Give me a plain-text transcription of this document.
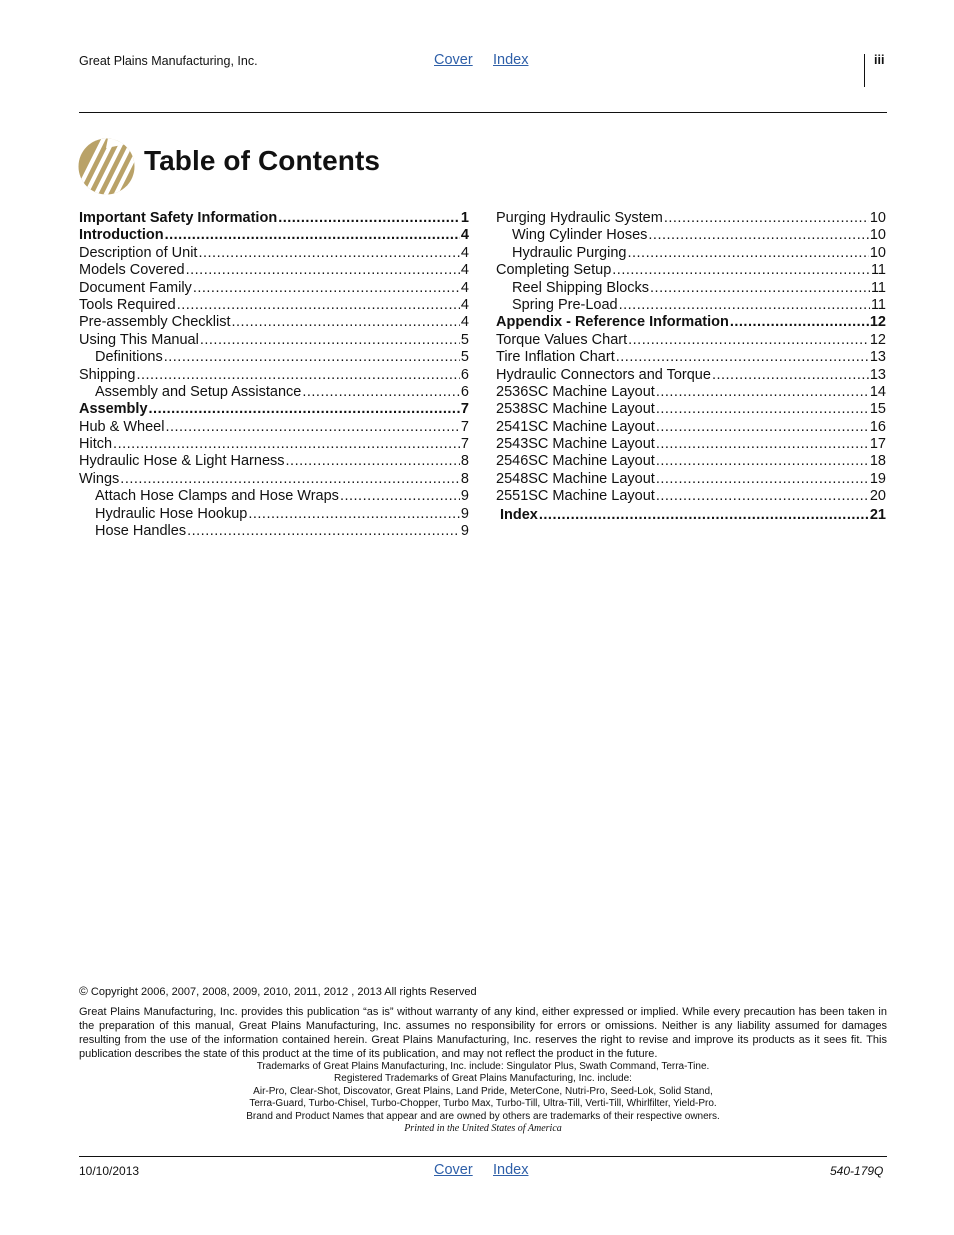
Great Plains Manufacturing, Inc.	Cover Index	iii
Table of Contents
Important Safety Information .....	1
Introduction .....	4
Description of Unit .....	4
Models Covered .....	4
Document Family .....	4
Tools Required .....	4
Pre-assembly Checklist .....	4
Using This Manual .....	5
Definitions .....	5
Shipping .....	6
Assembly and Setup Assistance .....	6
Assembly .....	7
Hub & Wheel .....	7
Hitch .....	7
Hydraulic Hose & Light Harness .....	8
Wings .....	8
Attach Hose Clamps and Hose Wraps .....	9
Hydraulic Hose Hookup .....	9
Hose Handles .....	9
Purging Hydraulic System .....	10
Wing Cylinder Hoses .....	10
Hydraulic Purging .....	10
Completing Setup .....	11
Reel Shipping Blocks .....	11
Spring Pre-Load .....	11
Appendix - Reference Information .....	12
Torque Values Chart .....	12
Tire Inflation Chart .....	13
Hydraulic Connectors and Torque .....	13
2536SC Machine Layout .....	14
2538SC Machine Layout .....	15
2541SC Machine Layout .....	16
2543SC Machine Layout .....	17
2546SC Machine Layout .....	18
2548SC Machine Layout .....	19
2551SC Machine Layout .....	20
Index .....	21
© Copyright 2006, 2007, 2008, 2009, 2010, 2011, 2012 , 2013 All rights Reserved
Great Plains Manufacturing, Inc. provides this publication “as is” without warranty of any kind, either expressed or implied. While every precaution has been taken in the preparation of this manual, Great Plains Manufacturing, Inc. assumes no responsibility for errors or omissions. Neither is any liability assumed for damages resulting from the use of the information contained herein. Great Plains Manufacturing, Inc. reserves the right to revise and improve its products as it sees fit. This publication describes the state of this product at the time of its publication, and may not reflect the product in the future.
Trademarks of Great Plains Manufacturing, Inc. include: Singulator Plus, Swath Command, Terra-Tine.
Registered Trademarks of Great Plains Manufacturing, Inc. include:
Air-Pro, Clear-Shot, Discovator, Great Plains, Land Pride, MeterCone, Nutri-Pro, Seed-Lok, Solid Stand,
Terra-Guard, Turbo-Chisel, Turbo-Chopper, Turbo Max, Turbo-Till, Ultra-Till, Verti-Till, Whirlfilter, Yield-Pro.
Brand and Product Names that appear and are owned by others are trademarks of their respective owners.
Printed in the United States of America
10/10/2013	Cover Index	540-179Q
